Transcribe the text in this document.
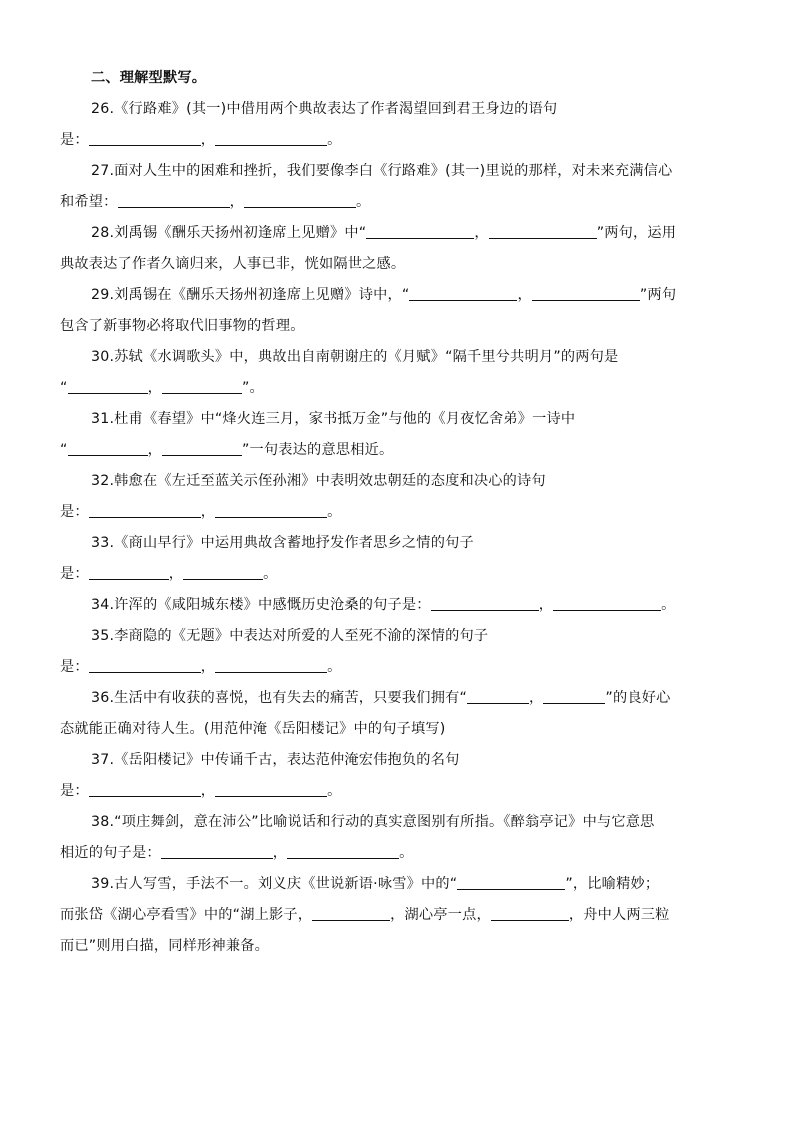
二、理解型默写。
26.《行路难》(其一)中借用两个典故表达了作者渴望回到君王身边的语句
是：	，	。
27.面对人生中的困难和挫折，我们要像李白《行路难》(其一)里说的那样，对未来充满信心
和希望：	，	。
28.刘禹锡《酬乐天扬州初逢席上见赠》中“	，	”两句，运用
典故表达了作者久谪归来，人事已非，恍如隔世之感。
29.刘禹锡在《酬乐天扬州初逢席上见赠》诗中，“	，	”两句
包含了新事物必将取代旧事物的哲理。
30.苏轼《水调歌头》中，典故出自南朝谢庄的《月赋》“隔千里兮共明月”的两句是
“	，	”。
31.杜甫《春望》中“烽火连三月，家书抵万金”与他的《月夜忆舍弟》一诗中
“	，	”一句表达的意思相近。
32.韩愈在《左迁至蓝关示侄孙湘》中表明效忠朝廷的态度和决心的诗句
是：	，	。
33.《商山早行》中运用典故含蓄地抒发作者思乡之情的句子
是：	，	。
34.许浑的《咸阳城东楼》中感慨历史沧桑的句子是：	，	。
35.李商隐的《无题》中表达对所爱的人至死不渝的深情的句子
是：	，	。
36.生活中有收获的喜悦，也有失去的痛苦，只要我们拥有“	，	”的良好心
态就能正确对待人生。(用范仲淹《岳阳楼记》中的句子填写)
37.《岳阳楼记》中传诵千古，表达范仲淹宏伟抱负的名句
是：	，	。
38.“项庄舞剑，意在沛公”比喻说话和行动的真实意图别有所指。《醉翁亭记》中与它意思
相近的句子是：	，	。
39.古人写雪，手法不一。刘义庆《世说新语·咏雪》中的“	”，比喻精妙；
而张岱《湖心亭看雪》中的“湖上影子，	，湖心亭一点，	，舟中人两三粒
而已”则用白描，同样形神兼备。
